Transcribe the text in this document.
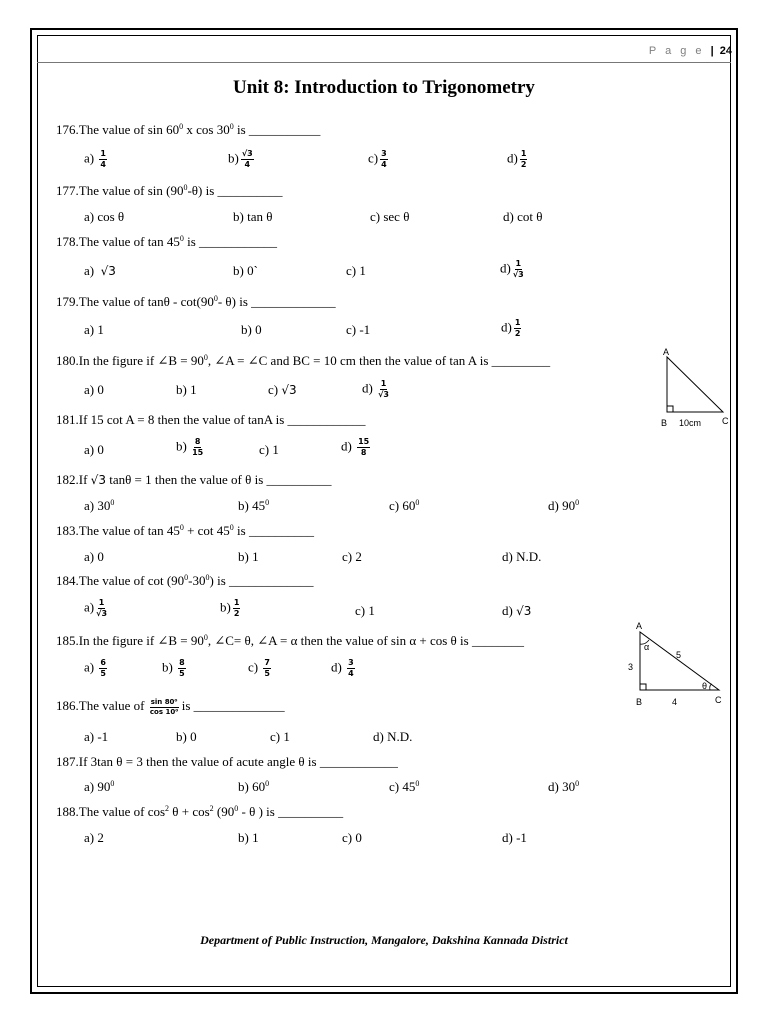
P a g e | 24
Unit 8: Introduction to Trigonometry
176.The value of $\sin 60^0$ x $\cos 30^0$ is ___________
$a) \frac{1}{4}$	$b) \frac{√3}{4}$	$c) \frac{3}{4}$	$d) \frac{1}{2}$
177.The value of $\sin (90^0-\theta)$ is __________
a) cos θ	b) tan θ	c) sec θ	d) cot θ
178.The value of $\tan 45^0$ is ____________
a) √3	b) 0`	c) 1	$d) \frac{1}{√3}$
179.The value of tanθ - $\cot(90^0-$ θ) is _____________
a) 1	b) 0	c) -1	$d) \frac{1}{2}$
180.In the figure if ∠B = $90^0$, ∠A = ∠C and BC = 10 cm then the value of tan A is _________
a) 0	b) 1	c) √3	$d) \frac{1}{√3}$
A
B 10cm C
181.If 15 cot A = 8 then the value of tanA is ____________
a) 0	$b) \frac{8}{15}$	c) 1	$d) \frac{15}{8}$
182.If √3 tanθ = 1 then the value of θ is __________
a) $30^0$	b) $45^0$	c) $60^0$	d) $90^0$
183.The value of $\tan 45^0 + \cot 45^0$ is __________
a) 0	b) 1	c) 2	d) N.D.
184.The value of $\cot (90^0-30^0)$ is _____________
$a) \frac{1}{√3}$	$b) \frac{1}{2}$	c) 1	d) √3
185.In the figure if ∠B = $90^0$, ∠C= θ, ∠A = α then the value of sin α + cos θ is ________
$a) \frac{6}{5}$	$b) \frac{8}{5}$	$c) \frac{7}{5}$	$d) \frac{3}{4}$
A
α
5
3
θ
B	4	C
186.The value of $\frac{\text{sin 80⁰}}{\text{cos 10⁰}}$ is ______________
a) -1	b) 0	c) 1	d) N.D.
187.If 3tan θ = 3 then the value of acute angle θ is ____________
a) $90^0$	b) $60^0$	c) $45^0$	d) $30^0$
188.The value of $\cos^2 \theta + \cos^2 (90^0 - \theta$ ) is __________
a) 2	b) 1	c) 0	d) -1
Department of Public Instruction, Mangalore, Dakshina Kannada District
